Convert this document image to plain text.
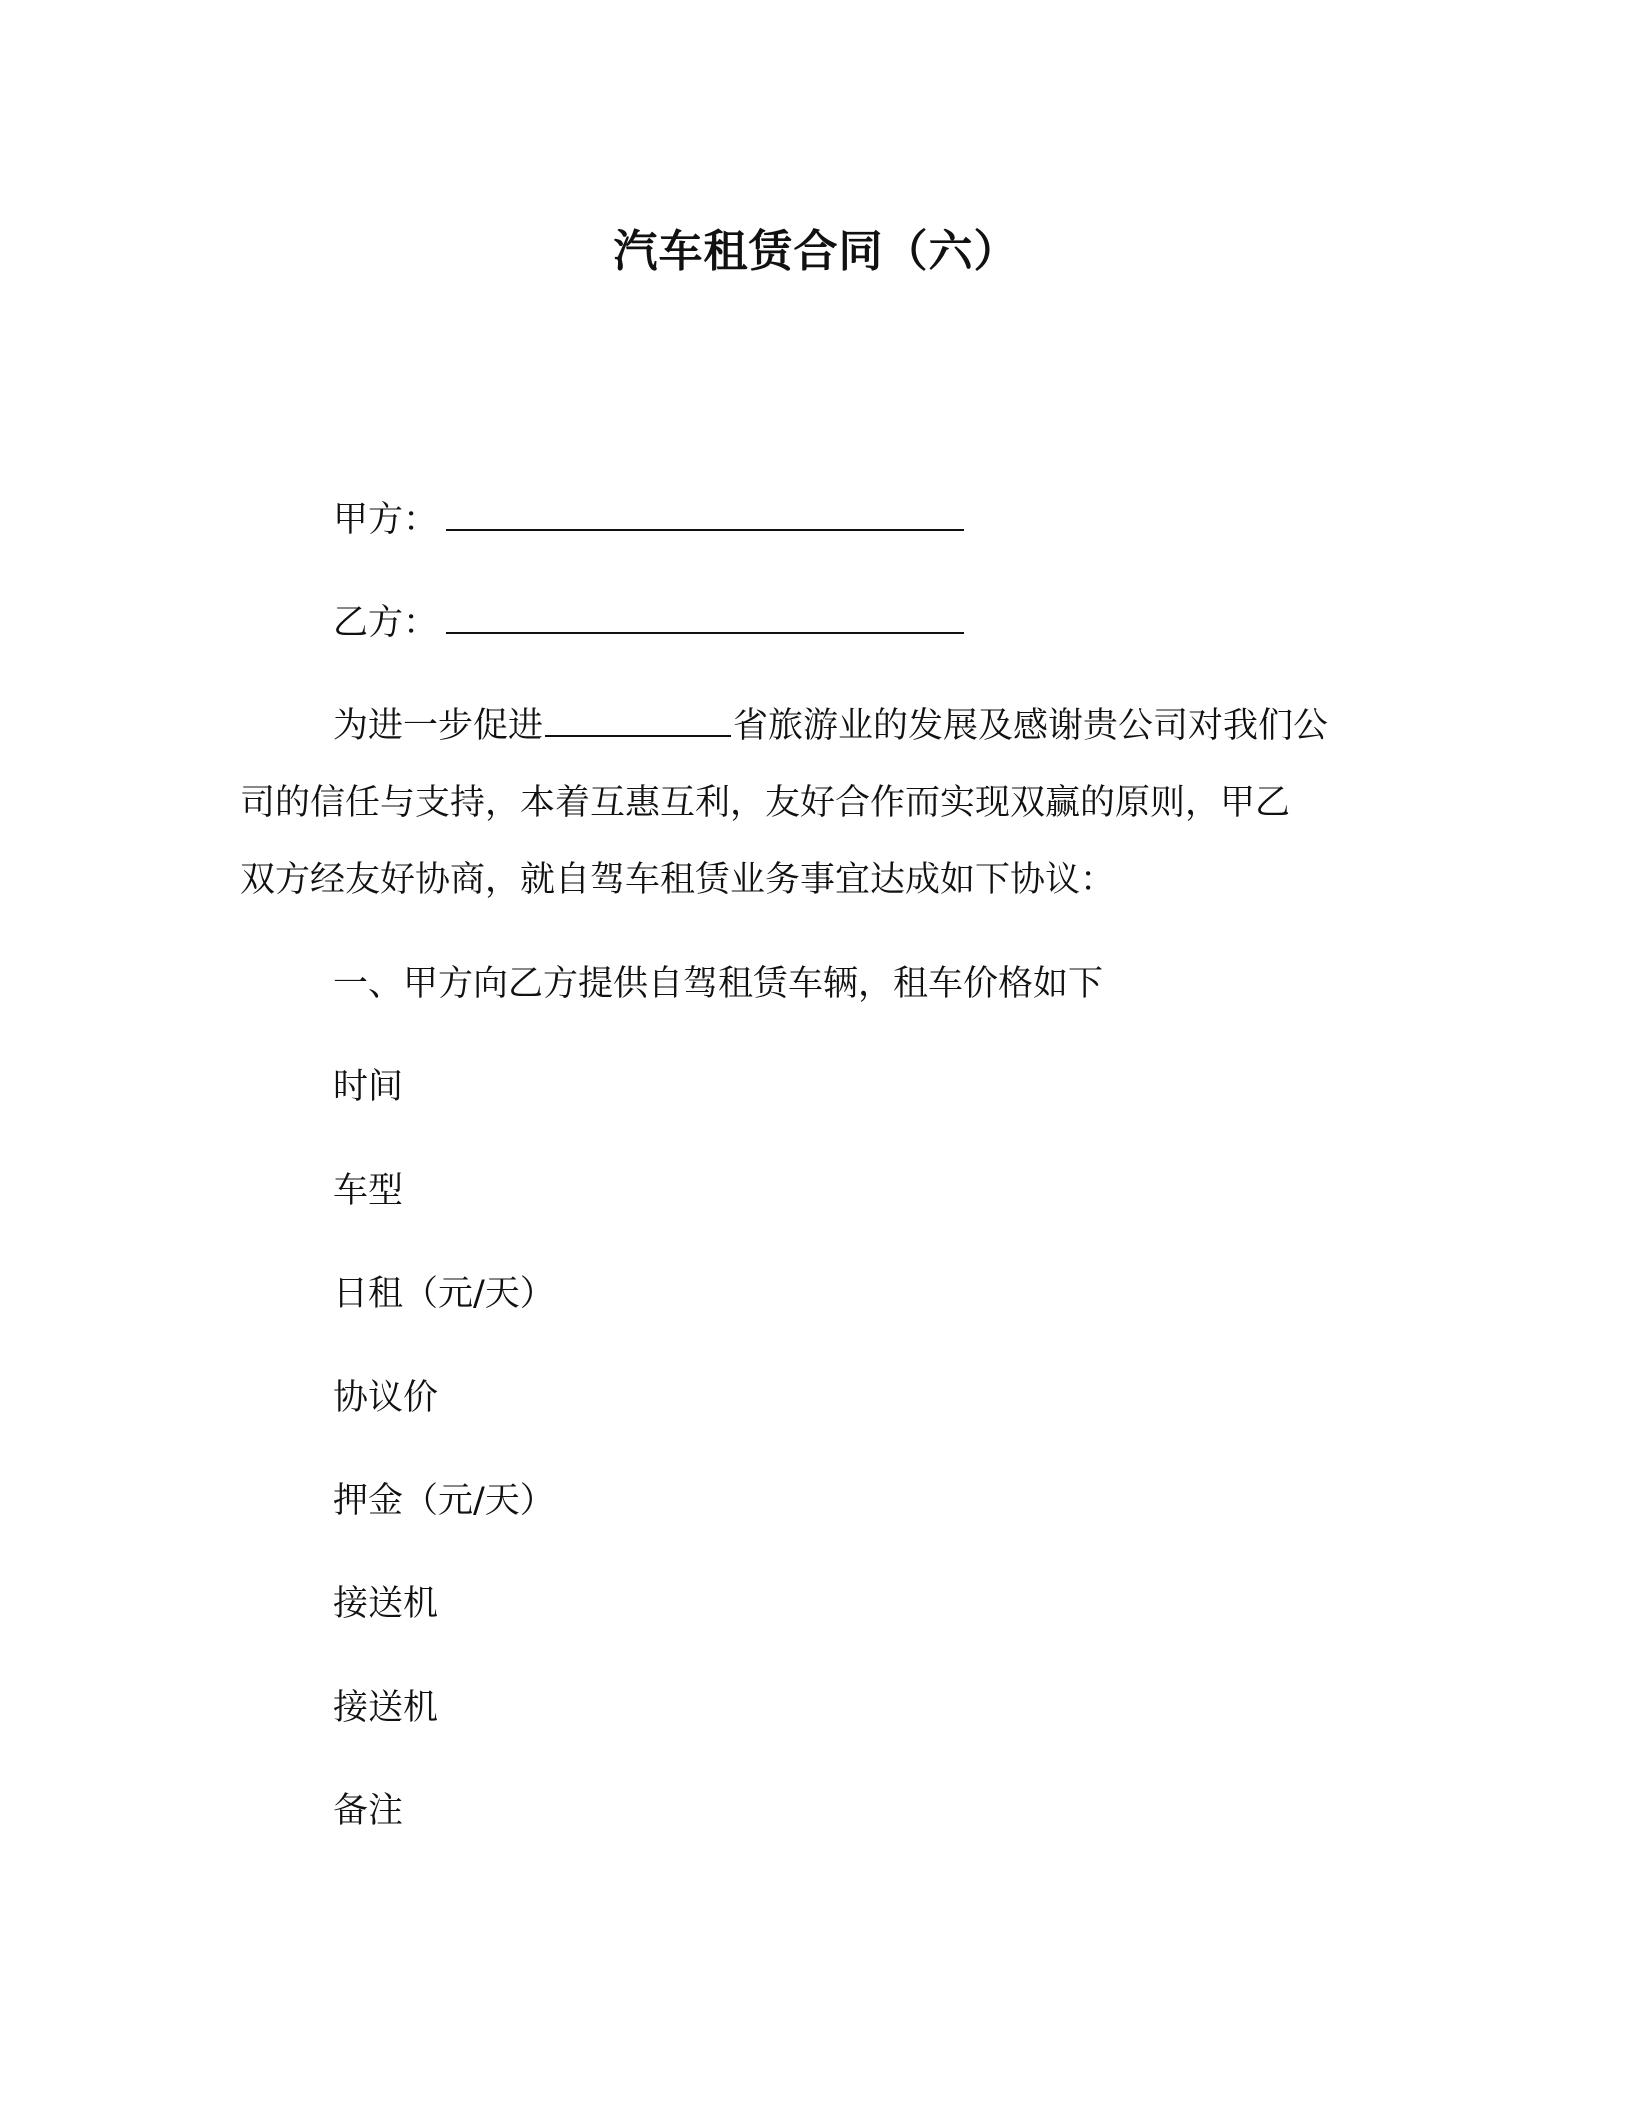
汽车租赁合同（六）
甲方：
乙方：
为进一步促进	省旅游业的发展及感谢贵公司对我们公
司的信任与支持，本着互惠互利，友好合作而实现双赢的原则，甲乙
双方经友好协商，就自驾车租赁业务事宜达成如下协议：
一、甲方向乙方提供自驾租赁车辆，租车价格如下
时间
车型
日租（元/天）
协议价
押金（元/天）
接送机
接送机
备注
